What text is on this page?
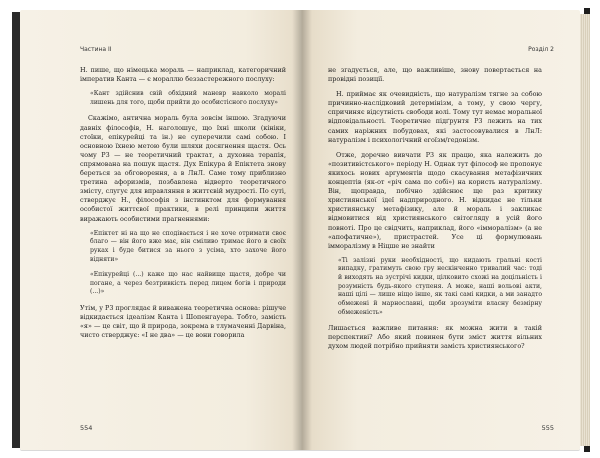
Частина II

Н. пише, що німецька мораль — наприклад, категоричний імператив Канта — є мораллю беззастережного послуху:

«Кант здійснив свій обхідний маневр навколо моралі лишень для того, щоби прийти до особистісного послуху»

Скажімо, антична мораль була зовсім іншою. Згадуючи давніх філософів, Н. наголошує, що їхні школи (кініки, стоїки, епікурейці та ін.) не суперечили самі собою. І основною їхнею метою були шляхи досягнення щастя. Ось чому Р3 — не теоретичний трактат, а духовна терапія, спрямована на пошук щастя. Дух Епікура й Епіктета знову береться за обговорення, а в ЛнЛ. Саме тому приблизно третина афоризмів, позбавлена відверто теоретичного змісту, слугує для вправляння в життєвій мудрості. По суті, стверджує Н., філософія з інстинктом для формування особистої життєвої практики, в релі принципи життя виражають особистими прагненнями:

«Епіктет ні на що не сподівається і не хоче отримати своє благо — він його вже має, він сміливо тримає його в своїх руках і буде битися за нього з усіма, хто захоче його відняти»
«Епікурейці (...) каже що нас найвище щастя, добре чи погане, а через безтривкість перед лицем богів і природи (...)»

Утім, у Р3 проглядає й виважена теоретична основа: рішуче відкидається ідеалізм Канта і Шопенгауера. Тобто, замість «я» — це світ, що й природа, зокрема в тлумаченні Дарвіна, чисто стверджує: «І не два» — це вони говорила

554
Розділ 2

не згадується, але, що важливіше, знову повертається на провідні позиції.

Н. приймає як очевидність, що натуралізм тягне за собою причинно-наслідковий детермінізм, а тому, у свою чергу, спричиняє відсутність свободи волі. Тому тут немає моральної відповідальності. Теоретичне підґрунтя Р3 лежить на тих самих наріжних побудовах, які застосовувалися в ЛнЛ: натуралізм і психологічний егоїзм/гедонізм.

Отже, доречно вивчати Р3 як працю, яка належить до «позитивістського» періоду Н. Однак тут філософ не пропонує якихось нових аргументів щодо скасування метафізичних концептів (як-от «річ сама по собі») на користь натуралізму. Він, щоправда, побічно здійснює ще раз критику християнської ідеї надприродного. Н. відкидає не тільки християнську метафізику, але й мораль і закликає відмовитися від християнського світогляду в усій його повноті. Про це свідчить, наприклад, його «імморалізм» (а не «апофатичне»), пристрастей. Усе ці формулювань імморалізму в Ніцше не знайти

«Ті залізні руки необхідності, що кидають гральні кості випадку, гратимуть свою гру нескінченно тривалий час: тоді й виходять на зустрічі кидки, цілковито схожі на доцільність і розумність будь-якого ступеня. А може, наші вольові акти, наші цілі — лише ніщо інше, як такі самі кидки, а ми занадто обмежені й марнославні, щоби зрозуміти власну безмірну обмеженість»

Лишається важливе питання: як можна жити в такій перспективі? Або який повинен бути зміст життя вільних духом людей потрібно прийняти замість християнського?

555
